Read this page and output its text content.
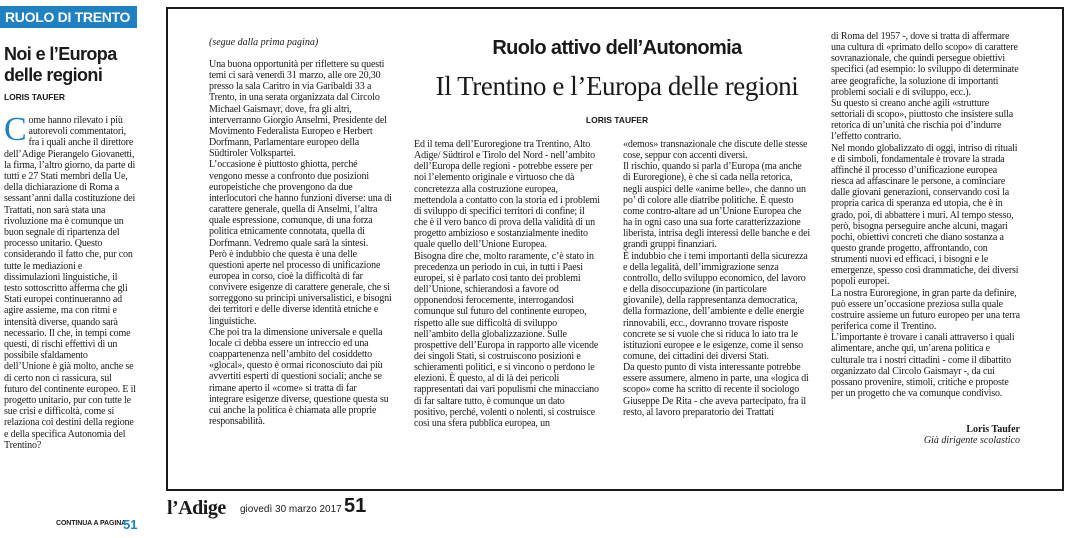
RUOLO DI TRENTO
Noi e l’Europa delle regioni
LORIS TAUFER
Come hanno rilevato i più autorevoli commentatori, fra i quali anche il direttore dell’Adige Pierangelo Giovanetti, la firma, l’altro giorno, da parte di tutti e 27 Stati membri della Ue, della dichiarazione di Roma a sessant’anni dalla costituzione dei Trattati, non sarà stata una rivoluzione ma è comunque un buon segnale di ripartenza del processo unitario. Questo considerando il fatto che, pur con tutte le mediazioni e dissimulazioni linguistiche, il testo sottoscritto afferma che gli Stati europei continueranno ad agire assieme, ma con ritmi e intensità diverse, quando sarà necessario. Il che, in tempi come questi, di rischi effettivi di un possibile sfaldamento dell’Unione è già molto, anche se di certo non ci rassicura, sul futuro del continente europeo. E il progetto unitario, pur con tutte le sue crisi e difficoltà, come si relaziona coi destini della regione e della specifica Autonomia del Trentino?
CONTINUA A PAGINA
51
(segue dalla prima pagina)	Ruolo attivo dell’Autonomia
Il Trentino e l’Europa delle regioni
LORIS TAUFER

Una buona opportunità per riflettere su questi temi ci sarà venerdì 31 marzo, alle ore 20,30 presso la sala Caritro in via Garibaldi 33 a Trento, in una serata organizzata dal Circolo Michael Gaismayr, dove, fra gli altri, interverranno Giorgio Anselmi, Presidente del Movimento Federalista Europeo e Herbert Dorfmann, Parlamentare europeo della Südtiroler Volkspartei.

L’occasione è piuttosto ghiotta, perché vengono messe a confronto due posizioni europeistiche che provengono da due interlocutori che hanno funzioni diverse: una di carattere generale, quella di Anselmi, l’altra quale espressione, comunque, di una forza politica etnicamente connotata, quella di Dorfmann. Vedremo quale sarà la sintesi.

Però è indubbio che questa è una delle questioni aperte nel processo di unificazione europea in corso, cioè la difficoltà di far convivere esigenze di carattere generale, che si sorreggono su principi universalistici, e bisogni dei territori e delle diverse identità etniche e linguistiche.

Che poi tra la dimensione universale e quella locale ci debba essere un intreccio ed una coappartenenza nell’ambito del cosiddetto «glocal», questo è ormai riconosciuto dai più avvertiti esperti di questioni sociali; anche se rimane aperto il «come» si tratta di far integrare esigenze diverse, questione questa su cui anche la politica è chiamata alle proprie responsabilità.

Ed il tema dell’Euroregione tra Trentino, Alto Adige/ Südtirol e Tirolo del Nord - nell’ambito dell’Europa delle regioni - potrebbe essere per noi l’elemento originale e virtuoso che dà concretezza alla costruzione europea, mettendola a contatto con la storia ed i problemi di sviluppo di specifici territori di confine; il che è il vero banco di prova della validità di un progetto ambizioso e sostanzialmente inedito quale quello dell’Unione Europea.

Bisogna dire che, molto raramente, c’è stato in precedenza un periodo in cui, in tutti i Paesi europei, si è parlato così tanto dei problemi dell’Unione, schierandosi a favore od opponendosi ferocemente, interrogandosi comunque sul futuro del continente europeo, rispetto alle sue difficoltà di sviluppo nell’ambito della globalizzazione. Sulle prospettive dell’Europa in rapporto alle vicende dei singoli Stati, si costruiscono posizioni e schieramenti politici, e si vincono o perdono le elezioni. È questo, al di là dei pericoli rappresentati dai vari populismi che minacciano di far saltare tutto, è comunque un dato positivo, perché, volenti o nolenti, si costruisce così una sfera pubblica europea, un

«demos» transnazionale che discute delle stesse cose, seppur con accenti diversi.

Il rischio, quando si parla d’Europa (ma anche di Euroregione), è che si cada nella retorica, negli auspici delle «anime belle», che danno un po’ di colore alle diatribe politiche. È questo come contro-altare ad un’Unione Europea che ha in ogni caso una sua forte caratterizzazione liberista, intrisa degli interessi delle banche e dei grandi gruppi finanziari.

È indubbio che i temi importanti della sicurezza e della legalità, dell’immigrazione senza controllo, dello sviluppo economico, del lavoro e della disoccupazione (in particolare giovanile), della rappresentanza democratica, della formazione, dell’ambiente e delle energie rinnovabili, ecc., dovranno trovare risposte concrete se si vuole che si riduca lo iato tra le istituzioni europee e le esigenze, come il senso comune, dei cittadini dei diversi Stati.

Da questo punto di vista interessante potrebbe essere assumere, almeno in parte, una «logica di scopo» come ha scritto di recente il sociologo Giuseppe De Rita - che aveva partecipato, fra il resto, al lavoro preparatorio dei Trattati

di Roma del 1957 -, dove si tratta di affermare una cultura di «primato dello scopo» di carattere sovranazionale, che quindi persegue obiettivi specifici (ad esempio: lo sviluppo di determinate aree geografiche, la soluzione di importanti problemi sociali e di sviluppo, ecc.).

Su questo si creano anche agili «strutture settoriali di scopo», piuttosto che insistere sulla retorica di un’unità che rischia poi d’indurre l’effetto contrario.

Nel mondo globalizzato di oggi, intriso di rituali e di simboli, fondamentale è trovare la strada affinché il processo d’unificazione europea riesca ad affascinare le persone, a cominciare dalle giovani generazioni, conservando così la propria carica di speranza ed utopia, che è in grado, poi, di abbattere i muri. Al tempo stesso, però, bisogna perseguire anche alcuni, magari pochi, obiettivi concreti che diano sostanza a questo grande progetto, affrontando, con strumenti nuovi ed efficaci, i bisogni e le emergenze, spesso così drammatiche, dei diversi popoli europei.

La nostra Euroregione, in gran parte da definire, può essere un’occasione preziosa sulla quale costruire assieme un futuro europeo per una terra periferica come il Trentino.

L’importante è trovare i canali attraverso i quali alimentare, anche qui, un’arena politica e culturale tra i nostri cittadini - come il dibattito organizzato dal Circolo Gaismayr -, da cui possano provenire, stimoli, critiche e proposte per un progetto che va comunque condiviso.

Loris Taufer
Già dirigente scolastico
l’Adige giovedì 30 marzo 2017 51
